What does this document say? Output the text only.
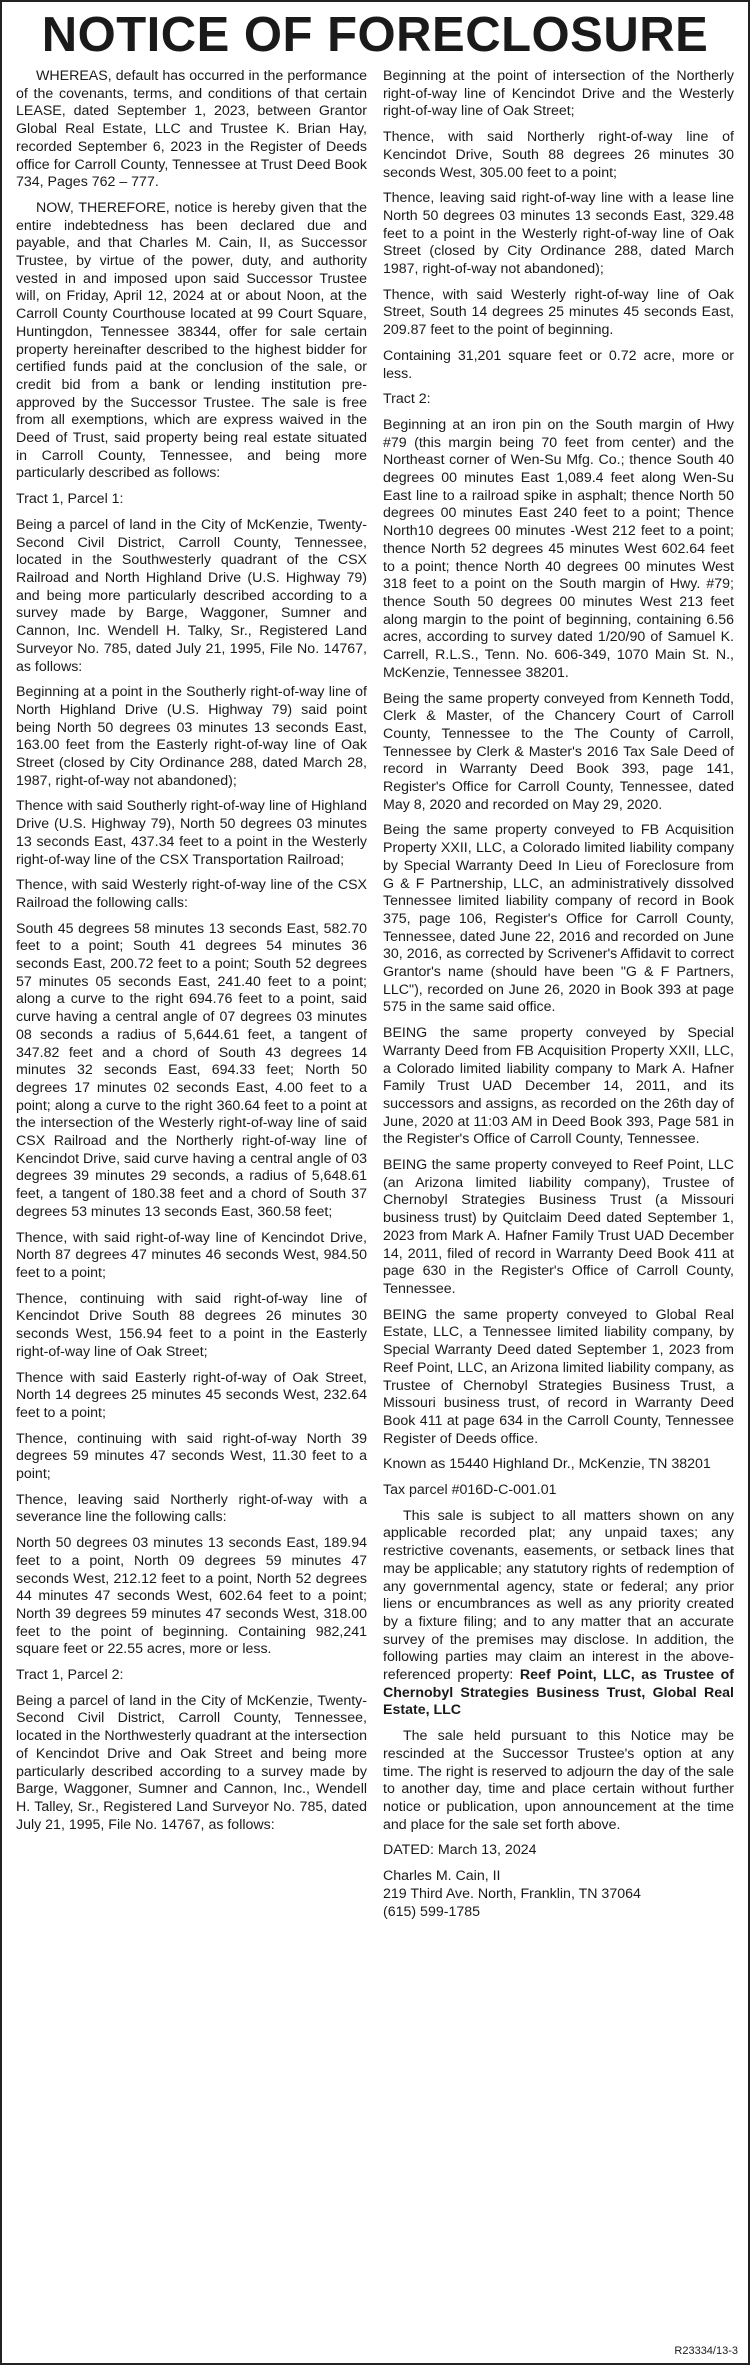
NOTICE OF FORECLOSURE

WHEREAS, default has occurred in the performance of the covenants, terms, and conditions of that certain LEASE, dated September 1, 2023, between Grantor Global Real Estate, LLC and Trustee K. Brian Hay, recorded September 6, 2023 in the Register of Deeds office for Carroll County, Tennessee at Trust Deed Book 734, Pages 762 – 777.

NOW, THEREFORE, notice is hereby given that the entire indebtedness has been declared due and payable, and that Charles M. Cain, II, as Successor Trustee, by virtue of the power, duty, and authority vested in and imposed upon said Successor Trustee will, on Friday, April 12, 2024 at or about Noon, at the Carroll County Courthouse located at 99 Court Square, Huntingdon, Tennessee 38344, offer for sale certain property hereinafter described to the highest bidder for certified funds paid at the conclusion of the sale, or credit bid from a bank or lending institution pre-approved by the Successor Trustee. The sale is free from all exemptions, which are express waived in the Deed of Trust, said property being real estate situated in Carroll County, Tennessee, and being more particularly described as follows:

Tract 1, Parcel 1:

Being a parcel of land in the City of McKenzie, Twenty-Second Civil District, Carroll County, Tennessee, located in the Southwesterly quadrant of the CSX Railroad and North Highland Drive (U.S. Highway 79) and being more particularly described according to a survey made by Barge, Waggoner, Sumner and Cannon, Inc. Wendell H. Talky, Sr., Registered Land Surveyor No. 785, dated July 21, 1995, File No. 14767, as follows:

Beginning at a point in the Southerly right-of-way line of North Highland Drive (U.S. Highway 79) said point being North 50 degrees 03 minutes 13 seconds East, 163.00 feet from the Easterly right-of-way line of Oak Street (closed by City Ordinance 288, dated March 28, 1987, right-of-way not abandoned);

Thence with said Southerly right-of-way line of Highland Drive (U.S. Highway 79), North 50 degrees 03 minutes 13 seconds East, 437.34 feet to a point in the Westerly right-of-way line of the CSX Transportation Railroad;

Thence, with said Westerly right-of-way line of the CSX Railroad the following calls:

South 45 degrees 58 minutes 13 seconds East, 582.70 feet to a point; South 41 degrees 54 minutes 36 seconds East, 200.72 feet to a point; South 52 degrees 57 minutes 05 seconds East, 241.40 feet to a point; along a curve to the right 694.76 feet to a point, said curve having a central angle of 07 degrees 03 minutes 08 seconds a radius of 5,644.61 feet, a tangent of 347.82 feet and a chord of South 43 degrees 14 minutes 32 seconds East, 694.33 feet; North 50 degrees 17 minutes 02 seconds East, 4.00 feet to a point; along a curve to the right 360.64 feet to a point at the intersection of the Westerly right-of-way line of said CSX Railroad and the Northerly right-of-way line of Kencindot Drive, said curve having a central angle of 03 degrees 39 minutes 29 seconds, a radius of 5,648.61 feet, a tangent of 180.38 feet and a chord of South 37 degrees 53 minutes 13 seconds East, 360.58 feet;

Thence, with said right-of-way line of Kencindot Drive, North 87 degrees 47 minutes 46 seconds West, 984.50 feet to a point;

Thence, continuing with said right-of-way line of Kencindot Drive South 88 degrees 26 minutes 30 seconds West, 156.94 feet to a point in the Easterly right-of-way line of Oak Street;

Thence with said Easterly right-of-way of Oak Street, North 14 degrees 25 minutes 45 seconds West, 232.64 feet to a point;

Thence, continuing with said right-of-way North 39 degrees 59 minutes 47 seconds West, 11.30 feet to a point;

Thence, leaving said Northerly right-of-way with a severance line the following calls:

North 50 degrees 03 minutes 13 seconds East, 189.94 feet to a point, North 09 degrees 59 minutes 47 seconds West, 212.12 feet to a point, North 52 degrees 44 minutes 47 seconds West, 602.64 feet to a point; North 39 degrees 59 minutes 47 seconds West, 318.00 feet to the point of beginning. Containing 982,241 square feet or 22.55 acres, more or less.

Tract 1, Parcel 2:

Being a parcel of land in the City of McKenzie, Twenty-Second Civil District, Carroll County, Tennessee, located in the Northwesterly quadrant at the intersection of Kencindot Drive and Oak Street and being more particularly described according to a survey made by Barge, Waggoner, Sumner and Cannon, Inc., Wendell H. Talley, Sr., Registered Land Surveyor No. 785, dated July 21, 1995, File No. 14767, as follows:

Beginning at the point of intersection of the Northerly right-of-way line of Kencindot Drive and the Westerly right-of-way line of Oak Street;

Thence, with said Northerly right-of-way line of Kencindot Drive, South 88 degrees 26 minutes 30 seconds West, 305.00 feet to a point;

Thence, leaving said right-of-way line with a lease line North 50 degrees 03 minutes 13 seconds East, 329.48 feet to a point in the Westerly right-of-way line of Oak Street (closed by City Ordinance 288, dated March 1987, right-of-way not abandoned);

Thence, with said Westerly right-of-way line of Oak Street, South 14 degrees 25 minutes 45 seconds East, 209.87 feet to the point of beginning.

Containing 31,201 square feet or 0.72 acre, more or less.

Tract 2:

Beginning at an iron pin on the South margin of Hwy #79 (this margin being 70 feet from center) and the Northeast corner of Wen-Su Mfg. Co.; thence South 40 degrees 00 minutes East 1,089.4 feet along Wen-Su East line to a railroad spike in asphalt; thence North 50 degrees 00 minutes East 240 feet to a point; Thence North10 degrees 00 minutes -West 212 feet to a point; thence North 52 degrees 45 minutes West 602.64 feet to a point; thence North 40 degrees 00 minutes West 318 feet to a point on the South margin of Hwy. #79; thence South 50 degrees 00 minutes West 213 feet along margin to the point of beginning, containing 6.56 acres, according to survey dated 1/20/90 of Samuel K. Carrell, R.L.S., Tenn. No. 606-349, 1070 Main St. N., McKenzie, Tennessee 38201.

Being the same property conveyed from Kenneth Todd, Clerk & Master, of the Chancery Court of Carroll County, Tennessee to the The County of Carroll, Tennessee by Clerk & Master's 2016 Tax Sale Deed of record in Warranty Deed Book 393, page 141, Register's Office for Carroll County, Tennessee, dated May 8, 2020 and recorded on May 29, 2020.

Being the same property conveyed to FB Acquisition Property XXII, LLC, a Colorado limited liability company by Special Warranty Deed In Lieu of Foreclosure from G & F Partnership, LLC, an administratively dissolved Tennessee limited liability company of record in Book 375, page 106, Register's Office for Carroll County, Tennessee, dated June 22, 2016 and recorded on June 30, 2016, as corrected by Scrivener's Affidavit to correct Grantor's name (should have been "G & F Partners, LLC"), recorded on June 26, 2020 in Book 393 at page 575 in the same said office.

BEING the same property conveyed by Special Warranty Deed from FB Acquisition Property XXII, LLC, a Colorado limited liability company to Mark A. Hafner Family Trust UAD December 14, 2011, and its successors and assigns, as recorded on the 26th day of June, 2020 at 11:03 AM in Deed Book 393, Page 581 in the Register's Office of Carroll County, Tennessee.

BEING the same property conveyed to Reef Point, LLC (an Arizona limited liability company), Trustee of Chernobyl Strategies Business Trust (a Missouri business trust) by Quitclaim Deed dated September 1, 2023 from Mark A. Hafner Family Trust UAD December 14, 2011, filed of record in Warranty Deed Book 411 at page 630 in the Register's Office of Carroll County, Tennessee.

BEING the same property conveyed to Global Real Estate, LLC, a Tennessee limited liability company, by Special Warranty Deed dated September 1, 2023 from Reef Point, LLC, an Arizona limited liability company, as Trustee of Chernobyl Strategies Business Trust, a Missouri business trust, of record in Warranty Deed Book 411 at page 634 in the Carroll County, Tennessee Register of Deeds office.

Known as 15440 Highland Dr., McKenzie, TN 38201

Tax parcel #016D-C-001.01

This sale is subject to all matters shown on any applicable recorded plat; any unpaid taxes; any restrictive covenants, easements, or setback lines that may be applicable; any statutory rights of redemption of any governmental agency, state or federal; any prior liens or encumbrances as well as any priority created by a fixture filing; and to any matter that an accurate survey of the premises may disclose. In addition, the following parties may claim an interest in the above-referenced property: Reef Point, LLC, as Trustee of Chernobyl Strategies Business Trust, Global Real Estate, LLC

The sale held pursuant to this Notice may be rescinded at the Successor Trustee's option at any time. The right is reserved to adjourn the day of the sale to another day, time and place certain without further notice or publication, upon announcement at the time and place for the sale set forth above.

DATED: March 13, 2024

Charles M. Cain, II

219 Third Ave. North, Franklin, TN 37064

(615) 599-1785

R23334/13-3
